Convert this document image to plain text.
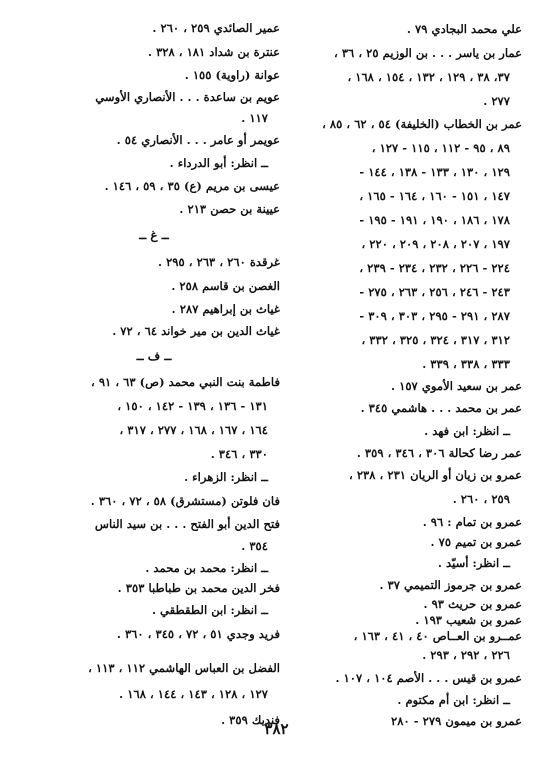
علي محمد البجادي ٧٩ .
عمار بن ياسر . . . بن الوزيم ٢٥ ، ٣٦ ،
٣٧، ٣٨ ، ١٢٩ ، ١٣٢ ، ١٥٤ ، ١٦٨ ،
٢٧٧ .
عمر بن الخطاب (الخليفة) ٥٤ ، ٦٢ ، ٨٥ ،
٨٩ ، ٩٥ - ١١٢ ، ١١٥ - ١٢٧ ،
١٢٩ ، ١٣٠ ، ١٣٣ - ١٣٨ ، ١٤٤ -
١٤٧ ، ١٥١ - ١٦٠ ، ١٦٤ - ١٦٥ ،
١٧٨ ، ١٨٦ ، ١٩٠ ، ١٩١ - ١٩٥ -
١٩٧ ، ٢٠٧ ، ٢٠٨ ، ٢٠٩ ، ٢٢٠ ،
٢٢٤ - ٢٢٦ ، ٢٣٢ ، ٢٣٤ - ٢٣٩ ،
٢٤٣ - ٢٤٦ ، ٢٥٦ ، ٢٦٣ ، ٢٧٥ -
٢٨٧ ، ٢٩١ - ٢٩٥ ، ٣٠٣ ، ٣٠٩ -
٣١٢ ، ٣١٧ ، ٣٢٤ ، ٣٢٥ ، ٣٣٢ ،
٣٣٣ ، ٣٣٨ ، ٣٣٩ .
عمر بن سعيد الأموي ١٥٧ .
عمر بن محمد . . . هاشمي ٣٤٥ .
ــ انظر: ابن فهد .
عمر رضا كحالة ٣٠٦ ، ٣٤٦ ، ٣٥٩ .
عمرو بن زيان أو الريان ٢٣١ ، ٢٣٨ ،
٢٥٩ ، ٢٦٠ .
عمرو بن تمام : ٩٦ .
عمرو بن تميم ٧٥ .
ــ انظر: أسيّد .
عمرو بن جرموز التميمي ٣٧ .
عمرو بن حريث ٩٣ .
عمرو بن شعيب ١٩٣ .
عمــرو بن العــاص ٤٠ ، ٤١ ، ١٦٣ ،
٢٢٦ ، ٢٩٢ ، ٢٩٣ .
عمرو بن قيس . . . الأصم ١٠٤ ، ١٠٧ .
ــ انظر: ابن أم مكتوم .
عمرو بن ميمون ٢٧٩ - ٢٨٠
عمير الصائدي ٢٥٩ ، ٢٦٠ .
عنترة بن شداد ١٨١ ، ٣٢٨ .
عوانة (راوية) ١٥٥ .
عويم بن ساعدة . . . الأنصاري الأوسي
١١٧ .
عويمر أو عامر . . . الأنصاري ٥٤ .
ــ انظر: أبو الدرداء .
عيسى بن مريم (ع) ٣٥ ، ٥٩ ، ١٤٦ .
عيينة بن حصن ٢١٣ .
ــ غ ــ
غرقدة ٢٦٠ ، ٢٦٣ ، ٢٩٥ .
الغصن بن قاسم ٢٥٨ .
غياث بن إبراهيم ٢٨٧ .
غياث الدين بن مير خواند ٦٤ ، ٧٢ .
ــ ف ــ
فاطمة بنت النبي محمد (ص) ٦٣ ، ٩١ ،
١٣١ - ١٣٦ ، ١٣٩ - ١٤٢ ، ١٥٠ ،
١٦٤ ، ١٦٧ ، ١٦٨ ، ٢٧٧ ، ٣١٧ ،
٣٣٠ ، ٣٤٦ .
ــ انظر: الزهراء .
فان فلوتن (مستشرق) ٥٨ ، ٧٢ ، ٣٦٠ .
فتح الدين أبو الفتح . . . بن سيد الناس
٣٥٤ .
ــ انظر: محمد بن محمد .
فخر الدين محمد بن طباطبا ٣٥٣ .
ــ انظر: ابن الطقطقي .
فريد وجدي ٥١ ، ٧٢ ، ٣٤٥ ، ٣٦٠ .
الفضل بن العباس الهاشمي ١١٢ ، ١١٣ ،
١٢٧ ، ١٢٨ ، ١٤٣ ، ١٤٤ ، ١٦٨ .
فنديك ٣٥٩ .
٣٨٢
